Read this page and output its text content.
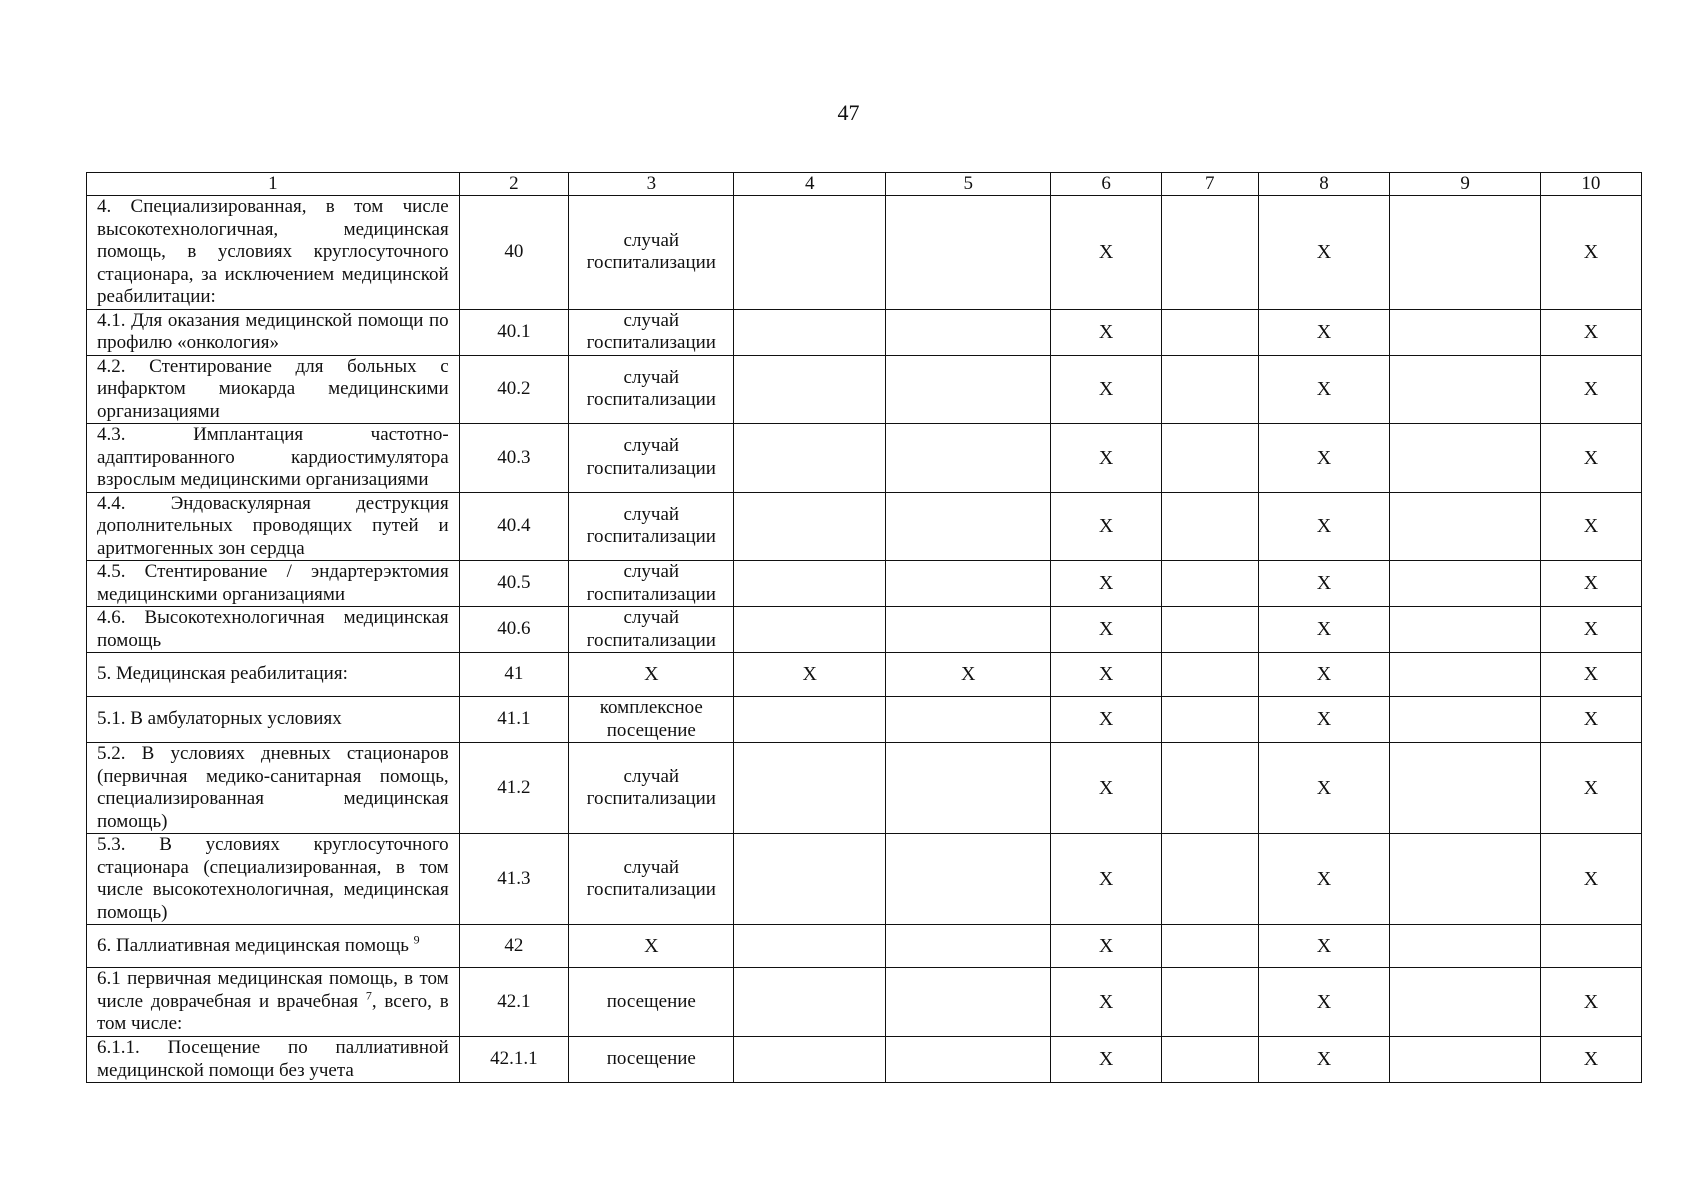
47
1	2	3	4	5	6	7	8	9	10
4. Специализированная, в том числе высокотехнологичная, медицинская помощь, в условиях круглосуточного стационара, за исключением медицинской реабилитации:	40	случай госпитализации			X		X		X
4.1. Для оказания медицинской помощи по профилю «онкология»	40.1	случай госпитализации			X		X		X
4.2. Стентирование для больных с инфарктом миокарда медицинскими организациями	40.2	случай госпитализации			X		X		X
4.3. Имплантация частотно-адаптированного кардиостимулятора взрослым медицинскими организациями	40.3	случай госпитализации			X		X		X
4.4. Эндоваскулярная деструкция дополнительных проводящих путей и аритмогенных зон сердца	40.4	случай госпитализации			X		X		X
4.5. Стентирование / эндартерэктомия медицинскими организациями	40.5	случай госпитализации			X		X		X
4.6. Высокотехнологичная медицинская помощь	40.6	случай госпитализации			X		X		X
5. Медицинская реабилитация:	41	X	X	X	X		X		X
5.1. В амбулаторных условиях	41.1	комплексное посещение			X		X		X
5.2. В условиях дневных стационаров (первичная медико-санитарная помощь, специализированная медицинская помощь)	41.2	случай госпитализации			X		X		X
5.3. В условиях круглосуточного стационара (специализированная, в том числе высокотехнологичная, медицинская помощь)	41.3	случай госпитализации			X		X		X
6. Паллиативная медицинская помощь $^9$	42	X			X		X		
6.1 первичная медицинская помощь, в том числе доврачебная и врачебная $^7$, всего, в том числе:	42.1	посещение			X		X		X
6.1.1. Посещение по паллиативной медицинской помощи без учета	42.1.1	посещение			X		X		X
